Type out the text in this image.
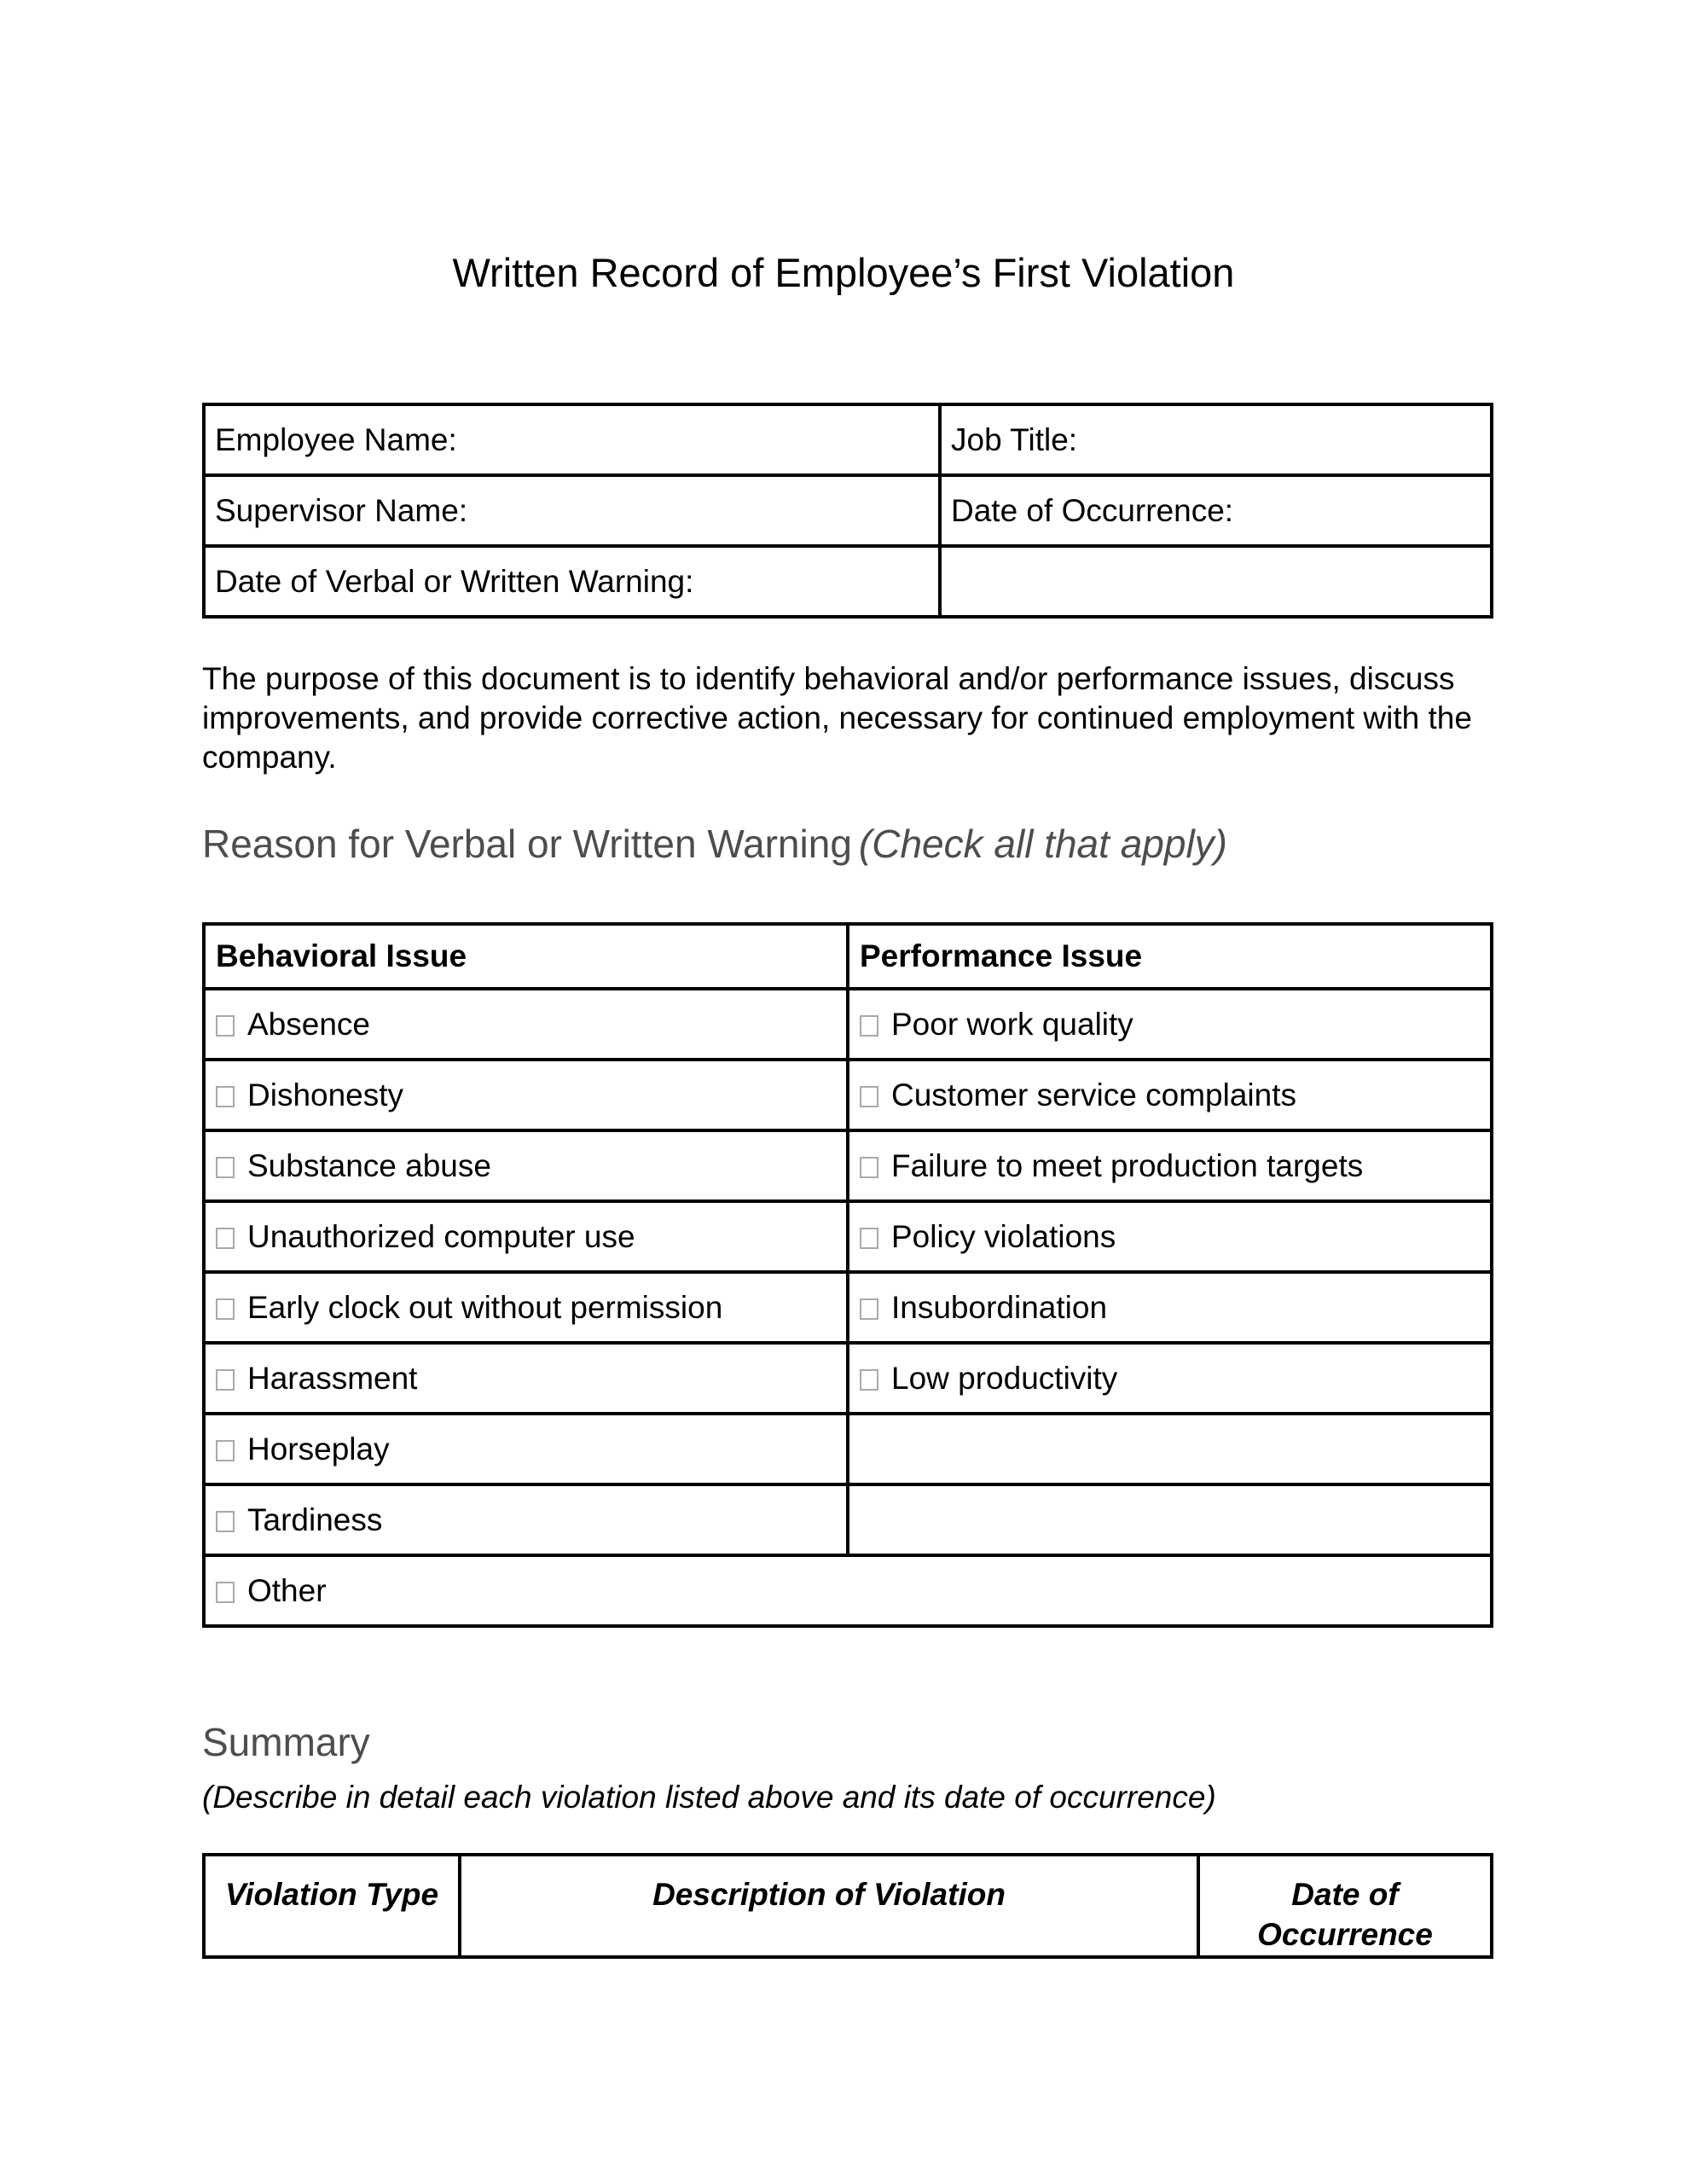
Written Record of Employee’s First Violation
Employee Name:	Job Title:
Supervisor Name:	Date of Occurrence:
Date of Verbal or Written Warning:	

The purpose of this document is to identify behavioral and/or performance issues, discuss improvements, and provide corrective action, necessary for continued employment with the company.

Reason for Verbal or Written Warning (Check all that apply)
Behavioral Issue	Performance Issue
Absence	Poor work quality
Dishonesty	Customer service complaints
Substance abuse	Failure to meet production targets
Unauthorized computer use	Policy violations
Early clock out without permission	Insubordination
Harassment	Low productivity
Horseplay	
Tardiness	
Other	
Summary

(Describe in detail each violation listed above and its date of occurrence)

Violation Type	Description of Violation	Date of Occurrence
